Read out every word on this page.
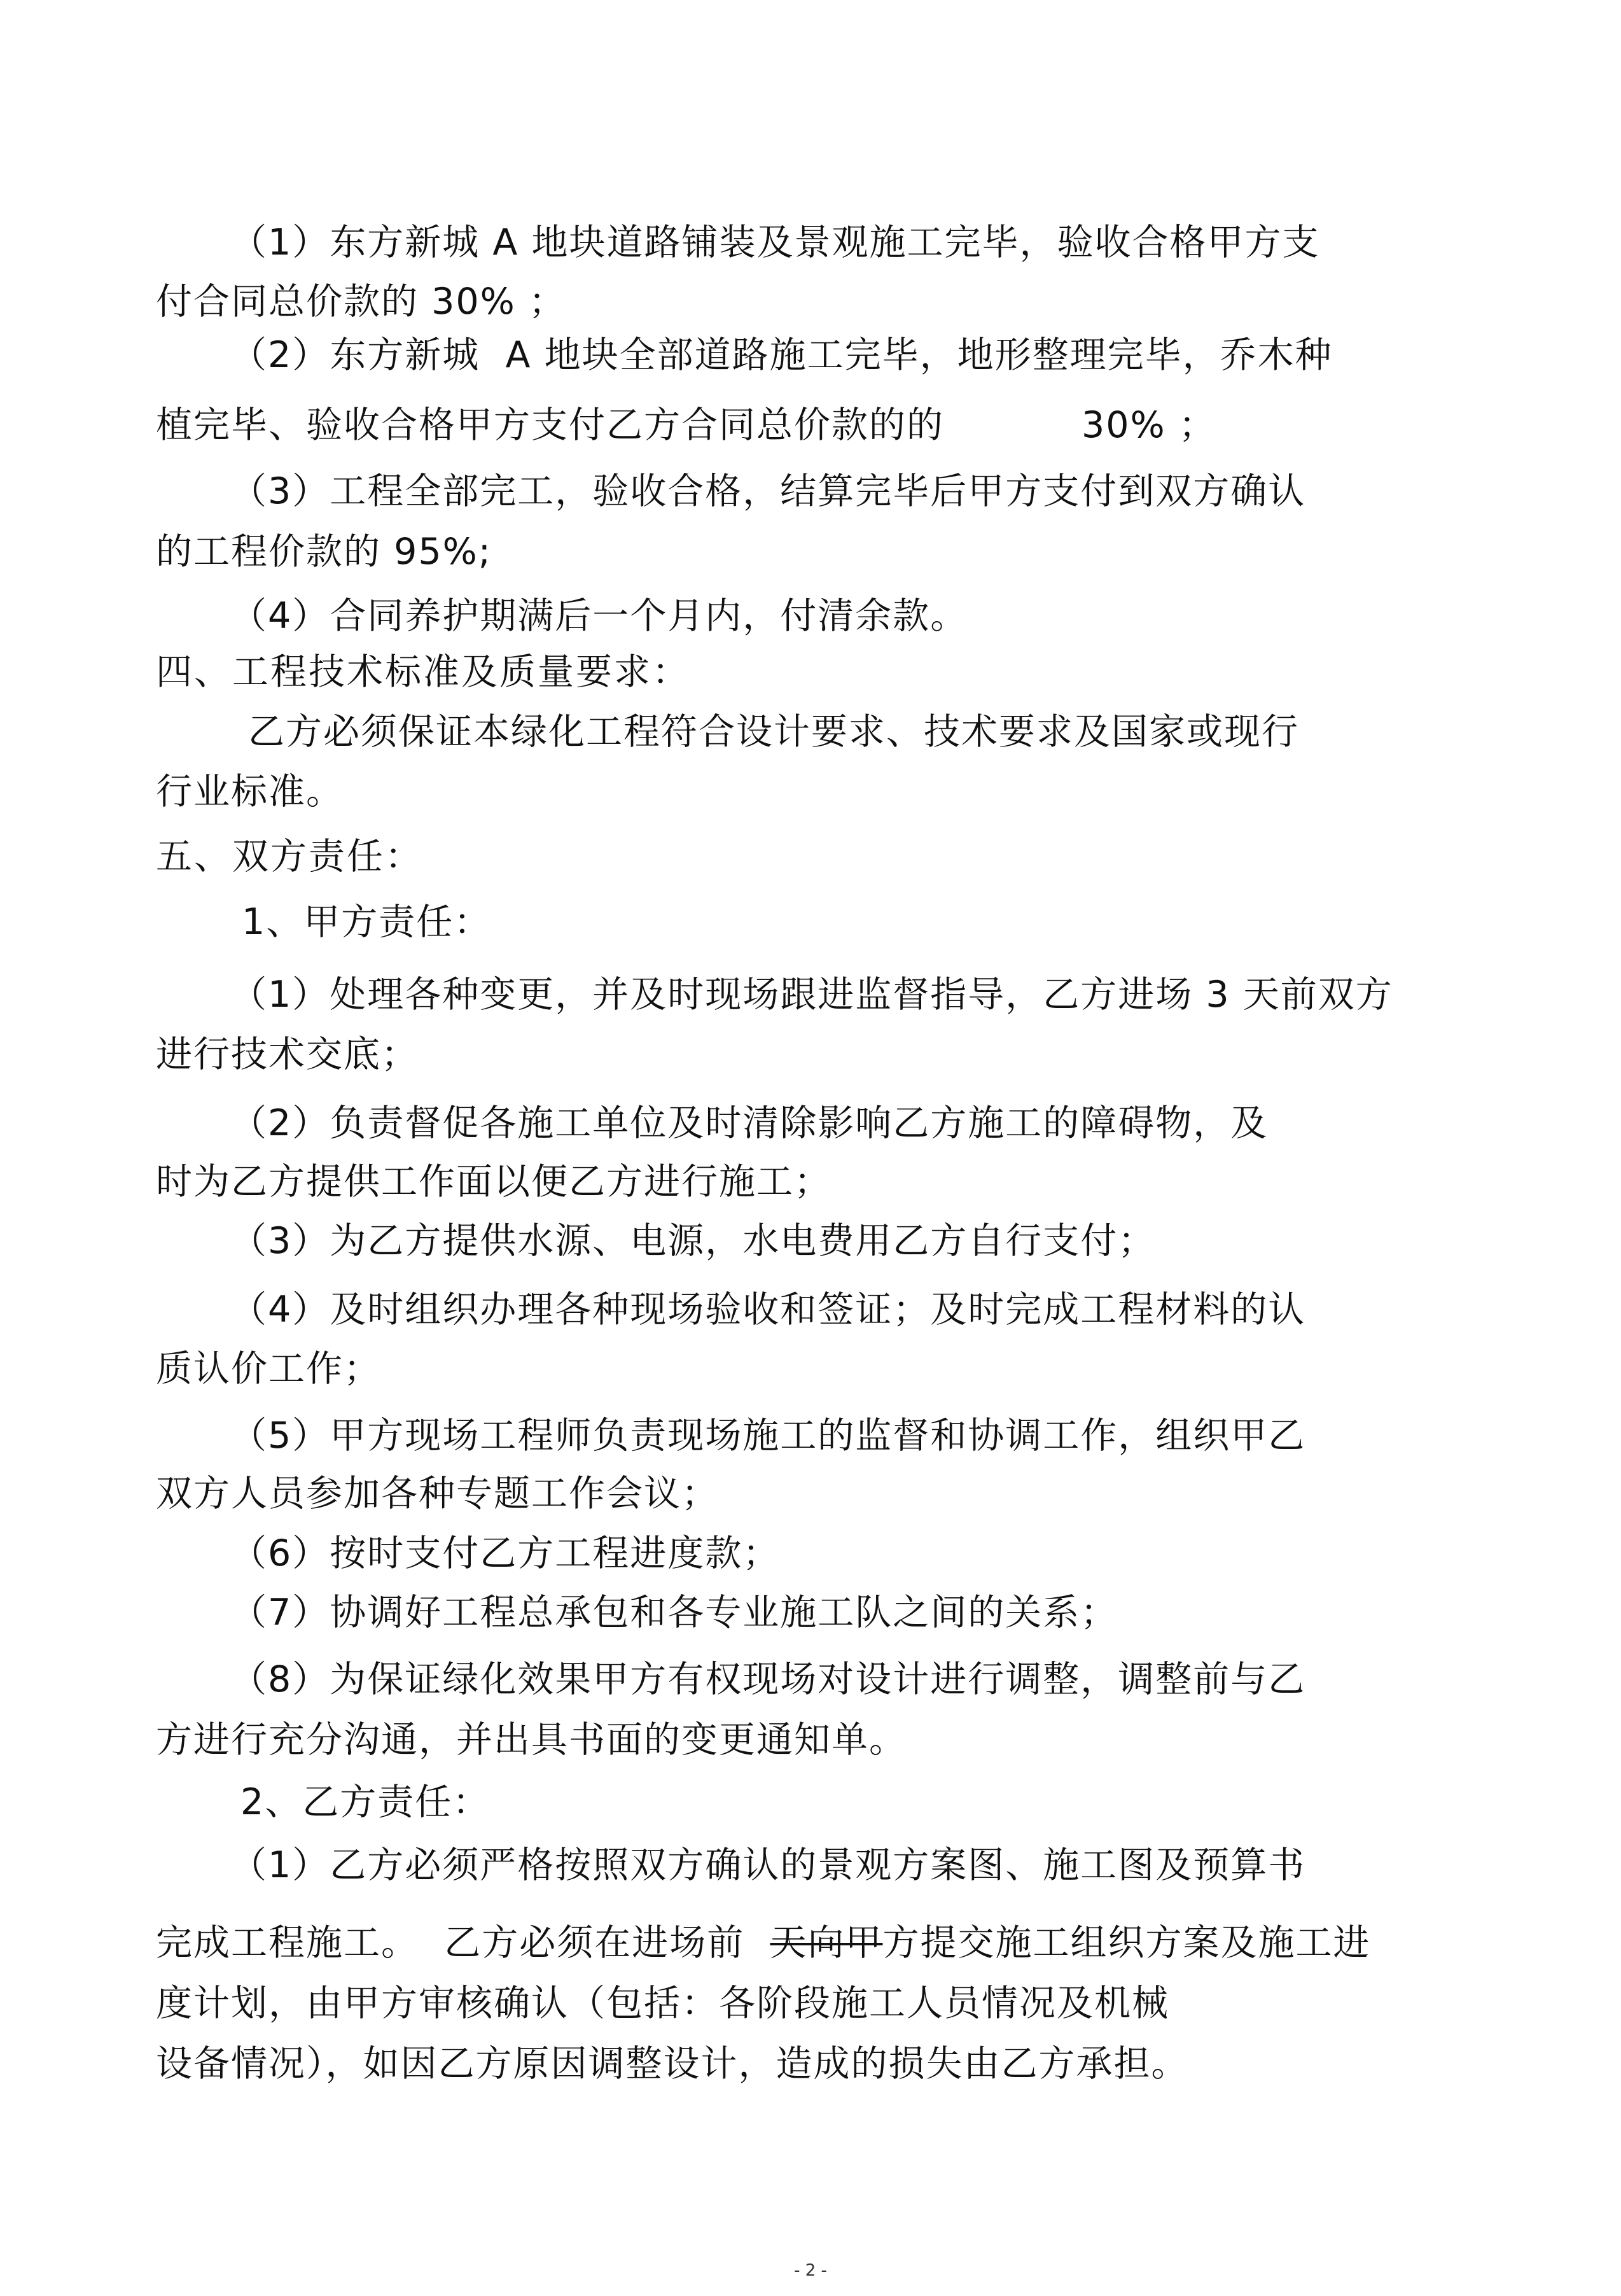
（1）东方新城 A 地块道路铺装及景观施工完毕，验收合格甲方支
付合同总价款的 30% ；
（2）东方新城  A 地块全部道路施工完毕，地形整理完毕，乔木种
植完毕、验收合格甲方支付乙方合同总价款的的	30% ；
（3）工程全部完工，验收合格，结算完毕后甲方支付到双方确认
的工程价款的 95%;
（4）合同养护期满后一个月内，付清余款。
四、工程技术标准及质量要求：
乙方必须保证本绿化工程符合设计要求、技术要求及国家或现行
行业标准。
五、双方责任：
1、甲方责任：
（1）处理各种变更，并及时现场跟进监督指导，乙方进场 3 天前双方
进行技术交底；
（2）负责督促各施工单位及时清除影响乙方施工的障碍物，及
时为乙方提供工作面以便乙方进行施工；
（3）为乙方提供水源、电源，水电费用乙方自行支付；
（4）及时组织办理各种现场验收和签证；及时完成工程材料的认
质认价工作；
（5）甲方现场工程师负责现场施工的监督和协调工作，组织甲乙
双方人员参加各种专题工作会议；
（6）按时支付乙方工程进度款；
（7）协调好工程总承包和各专业施工队之间的关系；
（8）为保证绿化效果甲方有权现场对设计进行调整，调整前与乙
方进行充分沟通，并出具书面的变更通知单。
2、乙方责任：
（1）乙方必须严格按照双方确认的景观方案图、施工图及预算书
完成工程施工。  乙方必须在进场前  天向甲方提交施工组织方案及施工进
度计划，由甲方审核确认（包括：各阶段施工人员情况及机械
设备情况），如因乙方原因调整设计，造成的损失由乙方承担。
- 2 -
